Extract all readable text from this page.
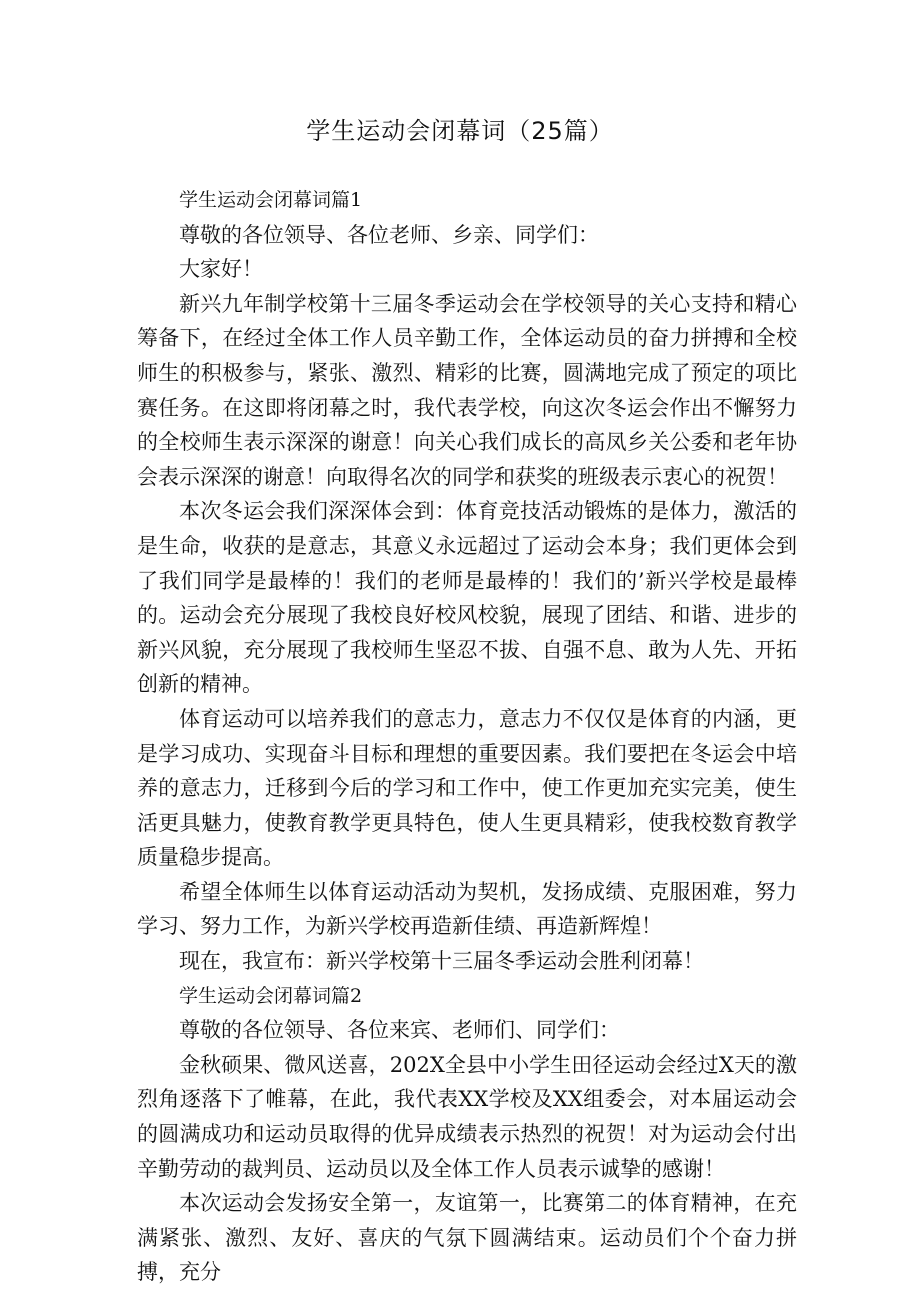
学生运动会闭幕词（25篇）

学生运动会闭幕词篇1

尊敬的各位领导、各位老师、乡亲、同学们：

大家好！

新兴九年制学校第十三届冬季运动会在学校领导的关心支持和精心筹备下，在经过全体工作人员辛勤工作，全体运动员的奋力拼搏和全校师生的积极参与，紧张、激烈、精彩的比赛，圆满地完成了预定的项比赛任务。在这即将闭幕之时，我代表学校，向这次冬运会作出不懈努力的全校师生表示深深的谢意！向关心我们成长的高凤乡关公委和老年协会表示深深的谢意！向取得名次的同学和获奖的班级表示衷心的祝贺！

本次冬运会我们深深体会到：体育竞技活动锻炼的是体力，激活的是生命，收获的是意志，其意义永远超过了运动会本身；我们更体会到了我们同学是最棒的！我们的老师是最棒的！我们的’新兴学校是最棒的。运动会充分展现了我校良好校风校貌，展现了团结、和谐、进步的新兴风貌，充分展现了我校师生坚忍不拔、自强不息、敢为人先、开拓创新的精神。

体育运动可以培养我们的意志力，意志力不仅仅是体育的内涵，更是学习成功、实现奋斗目标和理想的重要因素。我们要把在冬运会中培养的意志力，迁移到今后的学习和工作中，使工作更加充实完美，使生活更具魅力，使教育教学更具特色，使人生更具精彩，使我校数育教学质量稳步提高。

希望全体师生以体育运动活动为契机，发扬成绩、克服困难，努力学习、努力工作，为新兴学校再造新佳绩、再造新辉煌！

现在，我宣布：新兴学校第十三届冬季运动会胜利闭幕！

学生运动会闭幕词篇2

尊敬的各位领导、各位来宾、老师们、同学们：

金秋硕果、微风送喜，202X全县中小学生田径运动会经过X天的激烈角逐落下了帷幕，在此，我代表XX学校及XX组委会，对本届运动会的圆满成功和运动员取得的优异成绩表示热烈的祝贺！对为运动会付出辛勤劳动的裁判员、运动员以及全体工作人员表示诚挚的感谢！

本次运动会发扬安全第一，友谊第一，比赛第二的体育精神，在充满紧张、激烈、友好、喜庆的气氛下圆满结束。运动员们个个奋力拼搏，充分
